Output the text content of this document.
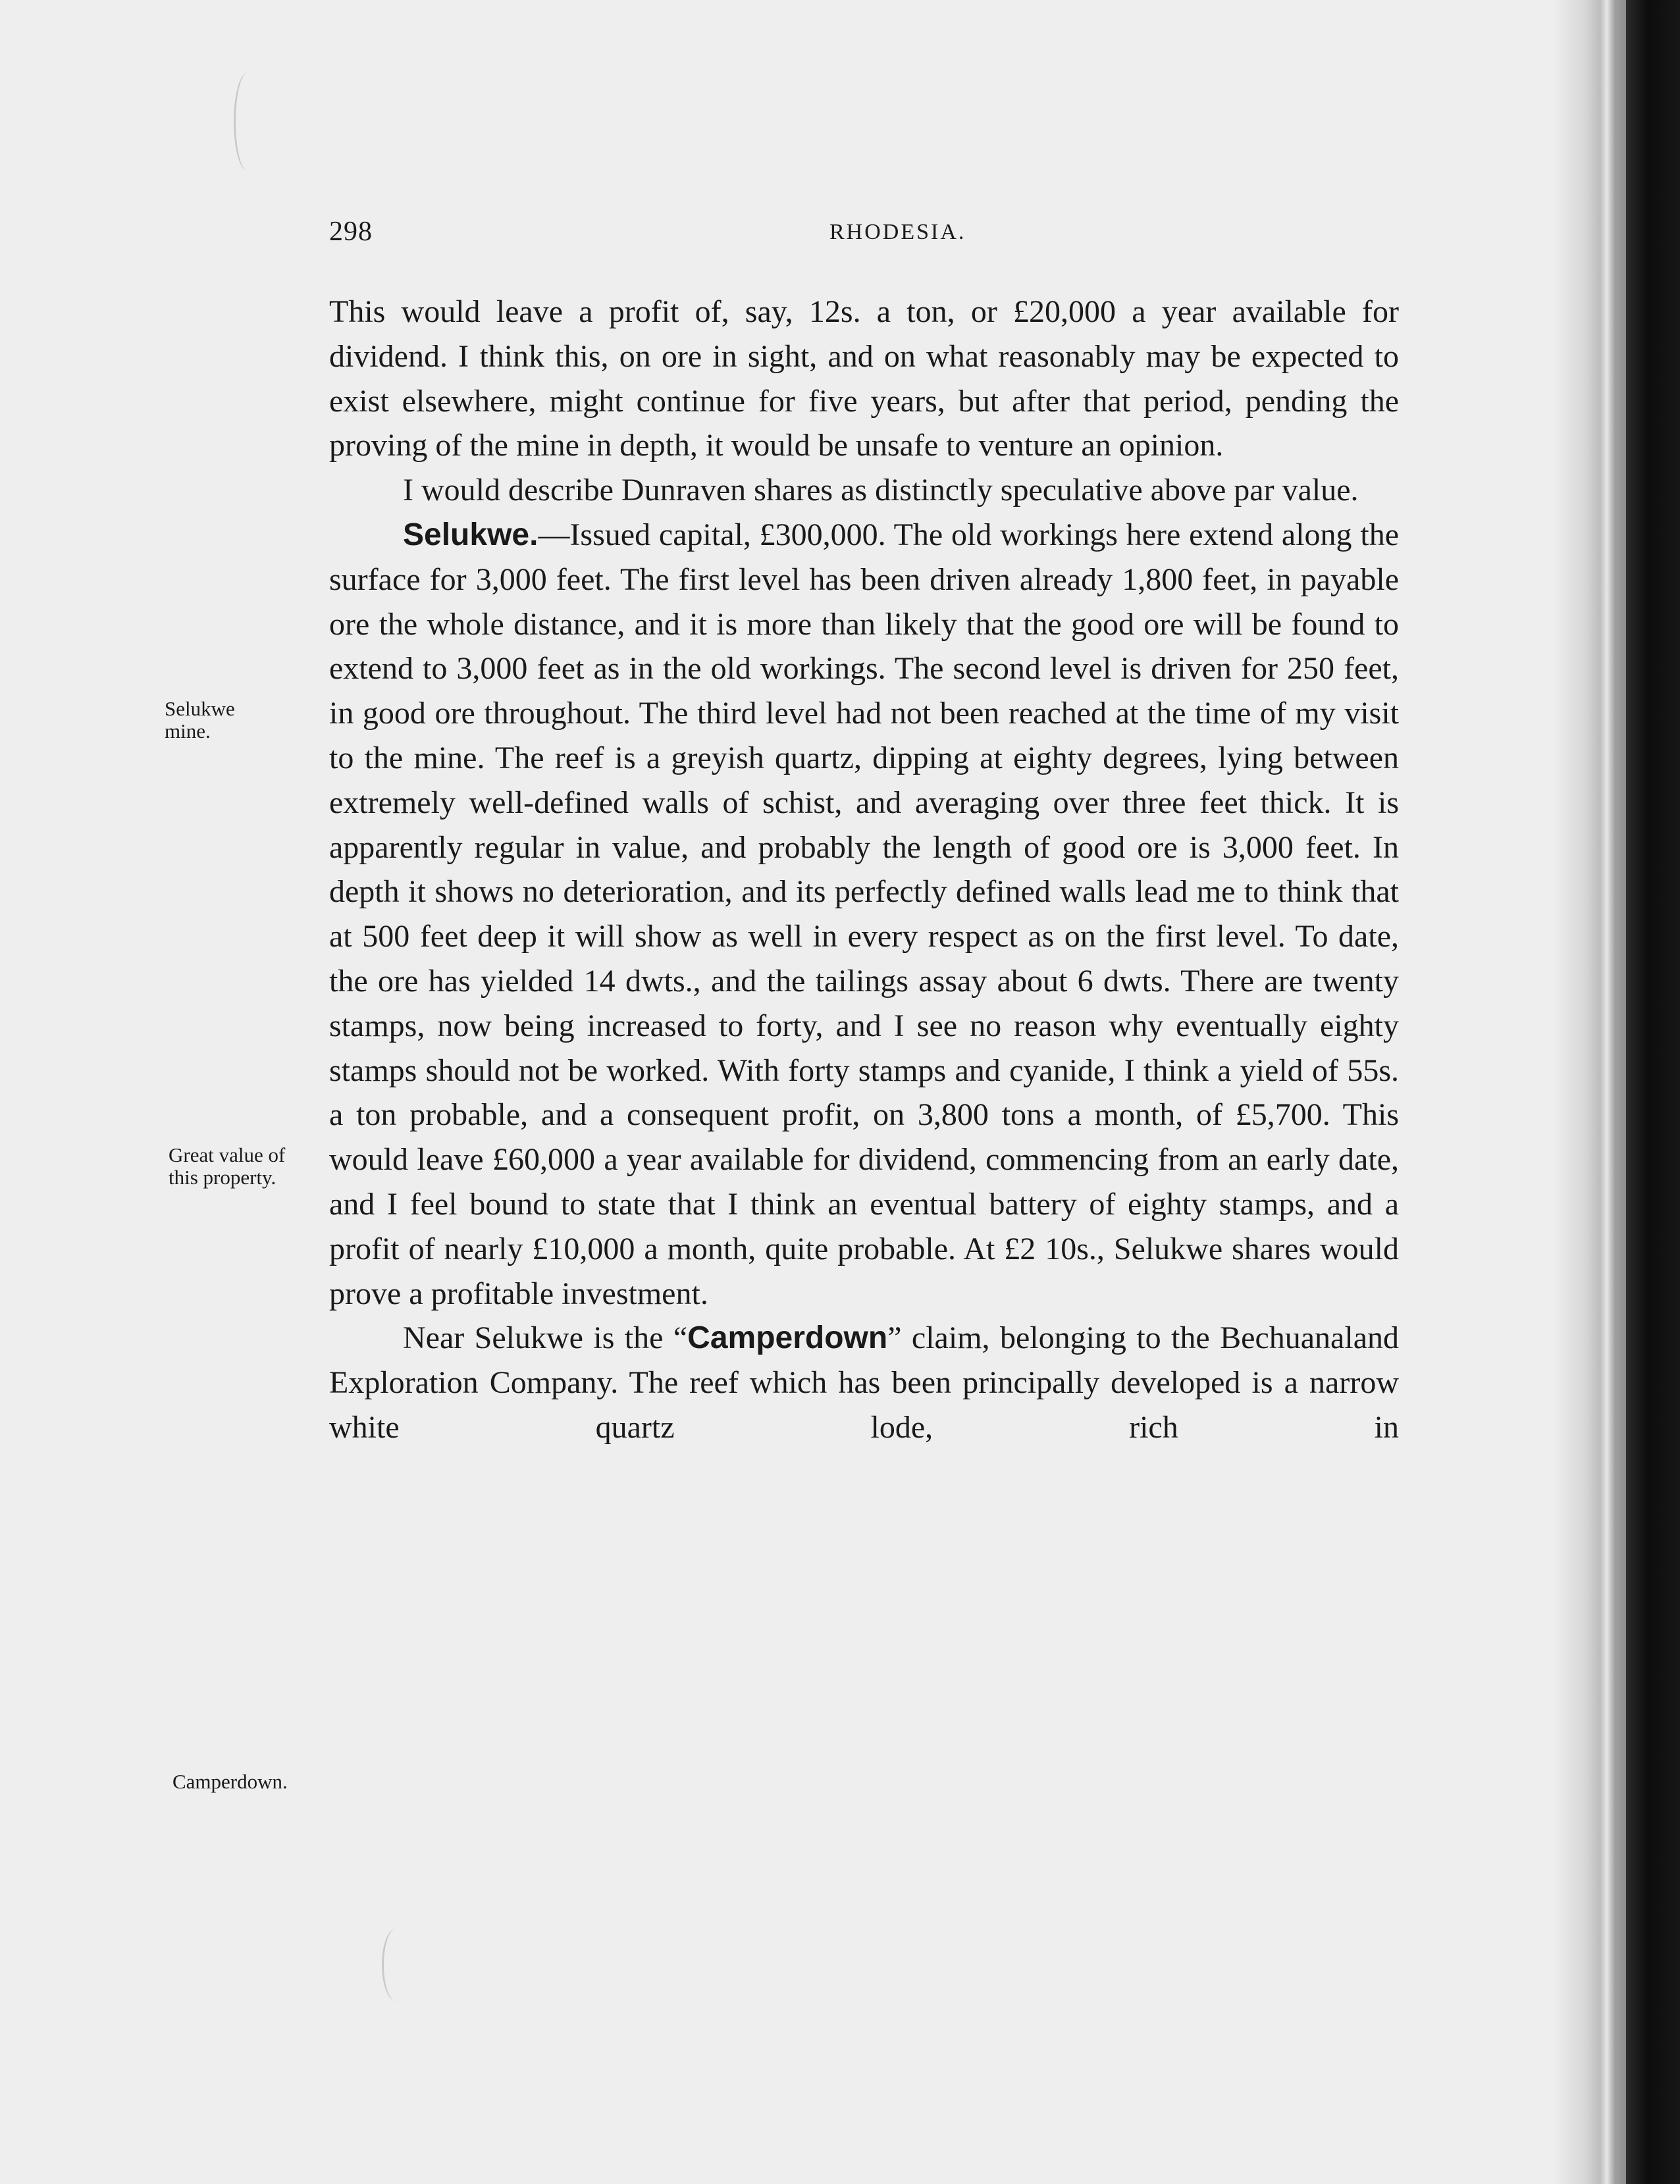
298	RHODESIA.
Selukwe mine.
Great value of this property.
Camperdown.

This would leave a profit of, say, 12s. a ton, or £20,000 a year available for dividend. I think this, on ore in sight, and on what reasonably may be expected to exist elsewhere, might continue for five years, but after that period, pending the proving of the mine in depth, it would be unsafe to venture an opinion.

I would describe Dunraven shares as distinctly speculative above par value.

Selukwe.—Issued capital, £300,000. The old workings here extend along the surface for 3,000 feet. The first level has been driven already 1,800 feet, in payable ore the whole distance, and it is more than likely that the good ore will be found to extend to 3,000 feet as in the old workings. The second level is driven for 250 feet, in good ore throughout. The third level had not been reached at the time of my visit to the mine. The reef is a greyish quartz, dipping at eighty degrees, lying between extremely well-defined walls of schist, and averaging over three feet thick. It is apparently regular in value, and probably the length of good ore is 3,000 feet. In depth it shows no deterioration, and its perfectly defined walls lead me to think that at 500 feet deep it will show as well in every respect as on the first level. To date, the ore has yielded 14 dwts., and the tailings assay about 6 dwts. There are twenty stamps, now being increased to forty, and I see no reason why eventually eighty stamps should not be worked. With forty stamps and cyanide, I think a yield of 55s. a ton probable, and a consequent profit, on 3,800 tons a month, of £5,700. This would leave £60,000 a year available for dividend, commencing from an early date, and I feel bound to state that I think an eventual battery of eighty stamps, and a profit of nearly £10,000 a month, quite probable. At £2 10s., Selukwe shares would prove a profitable investment.

Near Selukwe is the “Camperdown” claim, belonging to the Bechuanaland Exploration Company. The reef which has been principally developed is a narrow white quartz lode, rich in
